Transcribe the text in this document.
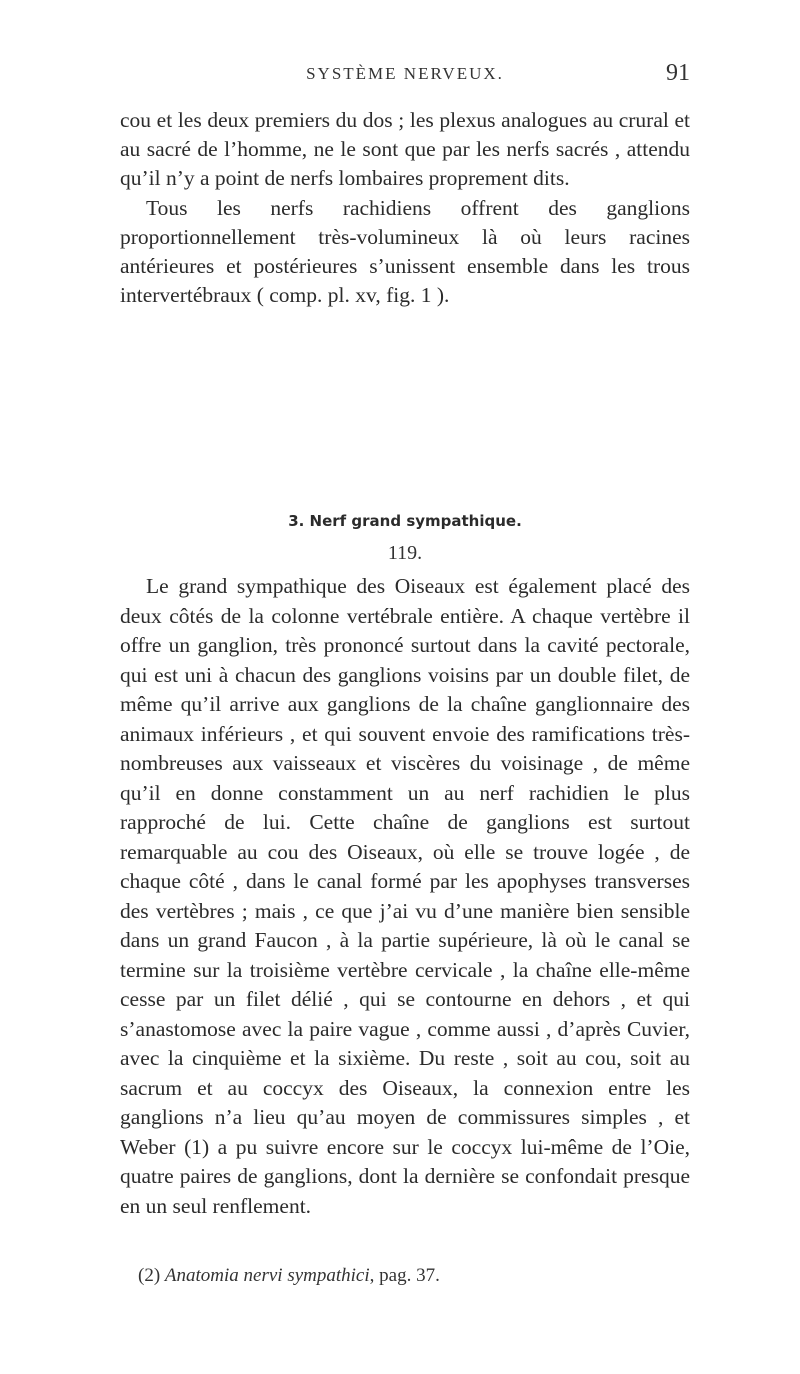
SYSTÈME NERVEUX.	91

cou et les deux premiers du dos ; les plexus analogues au crural et au sacré de l’homme, ne le sont que par les nerfs sacrés , attendu qu’il n’y a point de nerfs lombaires proprement dits.

Tous les nerfs rachidiens offrent des ganglions proportionnellement très-volumineux là où leurs racines antérieures et postérieures s’unissent ensemble dans les trous intervertébraux ( comp. pl. xv, fig. 1 ).

3. Nerf grand sympathique.
119.

Le grand sympathique des Oiseaux est également placé des deux côtés de la colonne vertébrale entière. A chaque vertèbre il offre un ganglion, très prononcé surtout dans la cavité pectorale, qui est uni à chacun des ganglions voisins par un double filet, de même qu’il arrive aux ganglions de la chaîne ganglionnaire des animaux inférieurs , et qui souvent envoie des ramifications très-nombreuses aux vaisseaux et viscères du voisinage , de même qu’il en donne constamment un au nerf rachidien le plus rapproché de lui. Cette chaîne de ganglions est surtout remarquable au cou des Oiseaux, où elle se trouve logée , de chaque côté , dans le canal formé par les apophyses transverses des vertèbres ; mais , ce que j’ai vu d’une manière bien sensible dans un grand Faucon , à la partie supérieure, là où le canal se termine sur la troisième vertèbre cervicale , la chaîne elle-même cesse par un filet délié , qui se contourne en dehors , et qui s’anastomose avec la paire vague , comme aussi , d’après Cuvier, avec la cinquième et la sixième. Du reste , soit au cou, soit au sacrum et au coccyx des Oiseaux, la connexion entre les ganglions n’a lieu qu’au moyen de commissures simples , et Weber (1) a pu suivre encore sur le coccyx lui-même de l’Oie, quatre paires de ganglions, dont la dernière se confondait presque en un seul renflement.

(2) Anatomia nervi sympathici, pag. 37.
